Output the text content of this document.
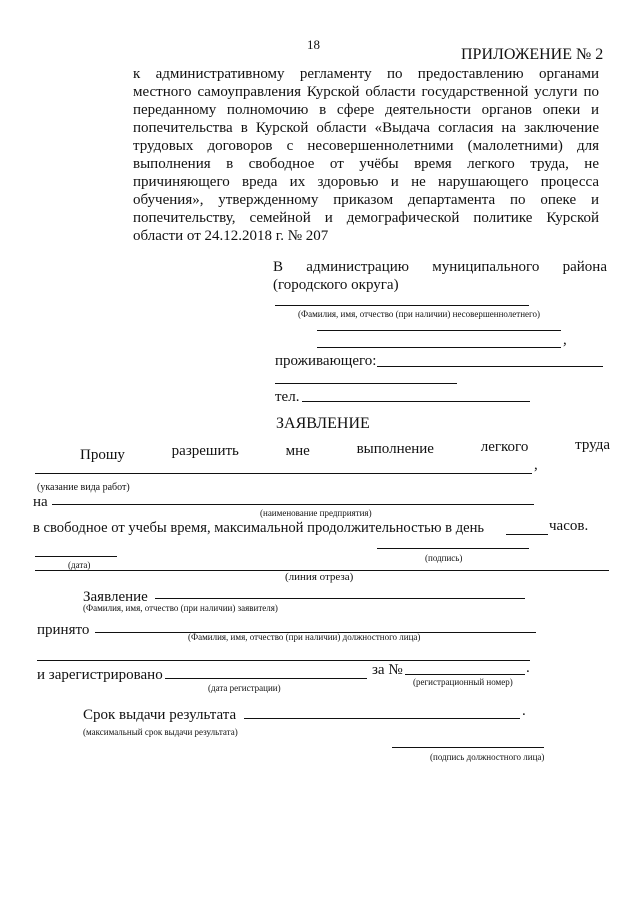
18
ПРИЛОЖЕНИЕ № 2
к административному регламенту по предоставлению органами
местного самоуправления Курской области государственной услуги по
переданному полномочию в сфере деятельности органов опеки и
попечительства в Курской области «Выдача согласия на заключение
трудовых договоров с несовершеннолетними (малолетними) для
выполнения в свободное от учёбы время легкого труда, не
причиняющего вреда их здоровью и не нарушающего процесса
обучения», утвержденному приказом департамента по опеке и
попечительству, семейной и демографической политике Курской
области от 24.12.2018 г. № 207
В администрацию муниципального района
(городского округа)
(Фамилия, имя, отчество (при наличии) несовершеннолетнего)
,
проживающего:
тел.
ЗАЯВЛЕНИЕ
Прошу	разрешить	мне	выполнение	легкого	труда
,
(указание вида работ)
на
(наименование предприятия)
в свободное от учебы время, максимальной продолжительностью в день	часов.
(дата)
(подпись)
(линия отреза)
Заявление
(Фамилия, имя, отчество (при наличии) заявителя)
принято	(Фамилия, имя, отчество (при наличии) должностного лица)
и зарегистрировано	за №	.
(дата регистрации)
(регистрационный номер)
Срок выдачи результата	.
(максимальный срок выдачи результата)
(подпись должностного лица)
